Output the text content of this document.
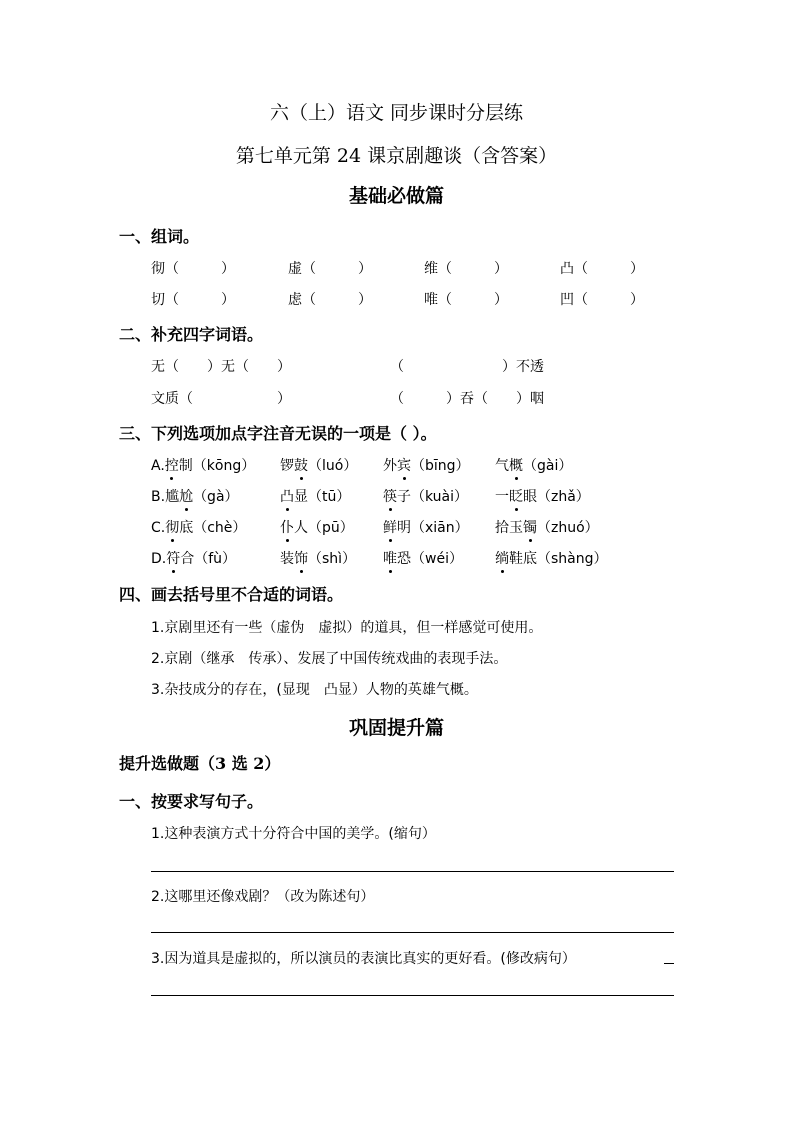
六（上）语文 同步课时分层练
第七单元第 24 课京剧趣谈（含答案）
基础必做篇
一、组词。
彻（　　　）	虚（　　　）	维（　　　）	凸（　　　）
切（　　　）	虑（　　　）	唯（　　　）	凹（　　　）
二、补充四字词语。
无（　　）无（　　）	（　　　　　　　）不透
文质（　　　　　　）	（　　　）吞（　　）咽
三、下列选项加点字注音无误的一项是（ ）。
A.控制（kōng） 锣鼓（luó） 外宾（bīng） 气概（gài）
B.尴尬（gà）	凸显（tū） 筷子（kuài） 一眨眼（zhǎ）
C.彻底（chè） 仆人（pū） 鲜明（xiān） 拾玉镯（zhuó）
D.符合（fù）	装饰（shì） 唯恐（wéi） 绱鞋底（shàng）
四、画去括号里不合适的词语。
1.京剧里还有一些（虚伪　虚拟）的道具，但一样感觉可使用。
2.京剧（继承　传承）、发展了中国传统戏曲的表现手法。
3.杂技成分的存在，(显现　凸显）人物的英雄气概。
巩固提升篇
提升选做题（3 选 2）
一、按要求写句子。
1.这种表演方式十分符合中国的美学。(缩句）
2.这哪里还像戏剧？（改为陈述句）
3.因为道具是虚拟的，所以演员的表演比真实的更好看。(修改病句）
